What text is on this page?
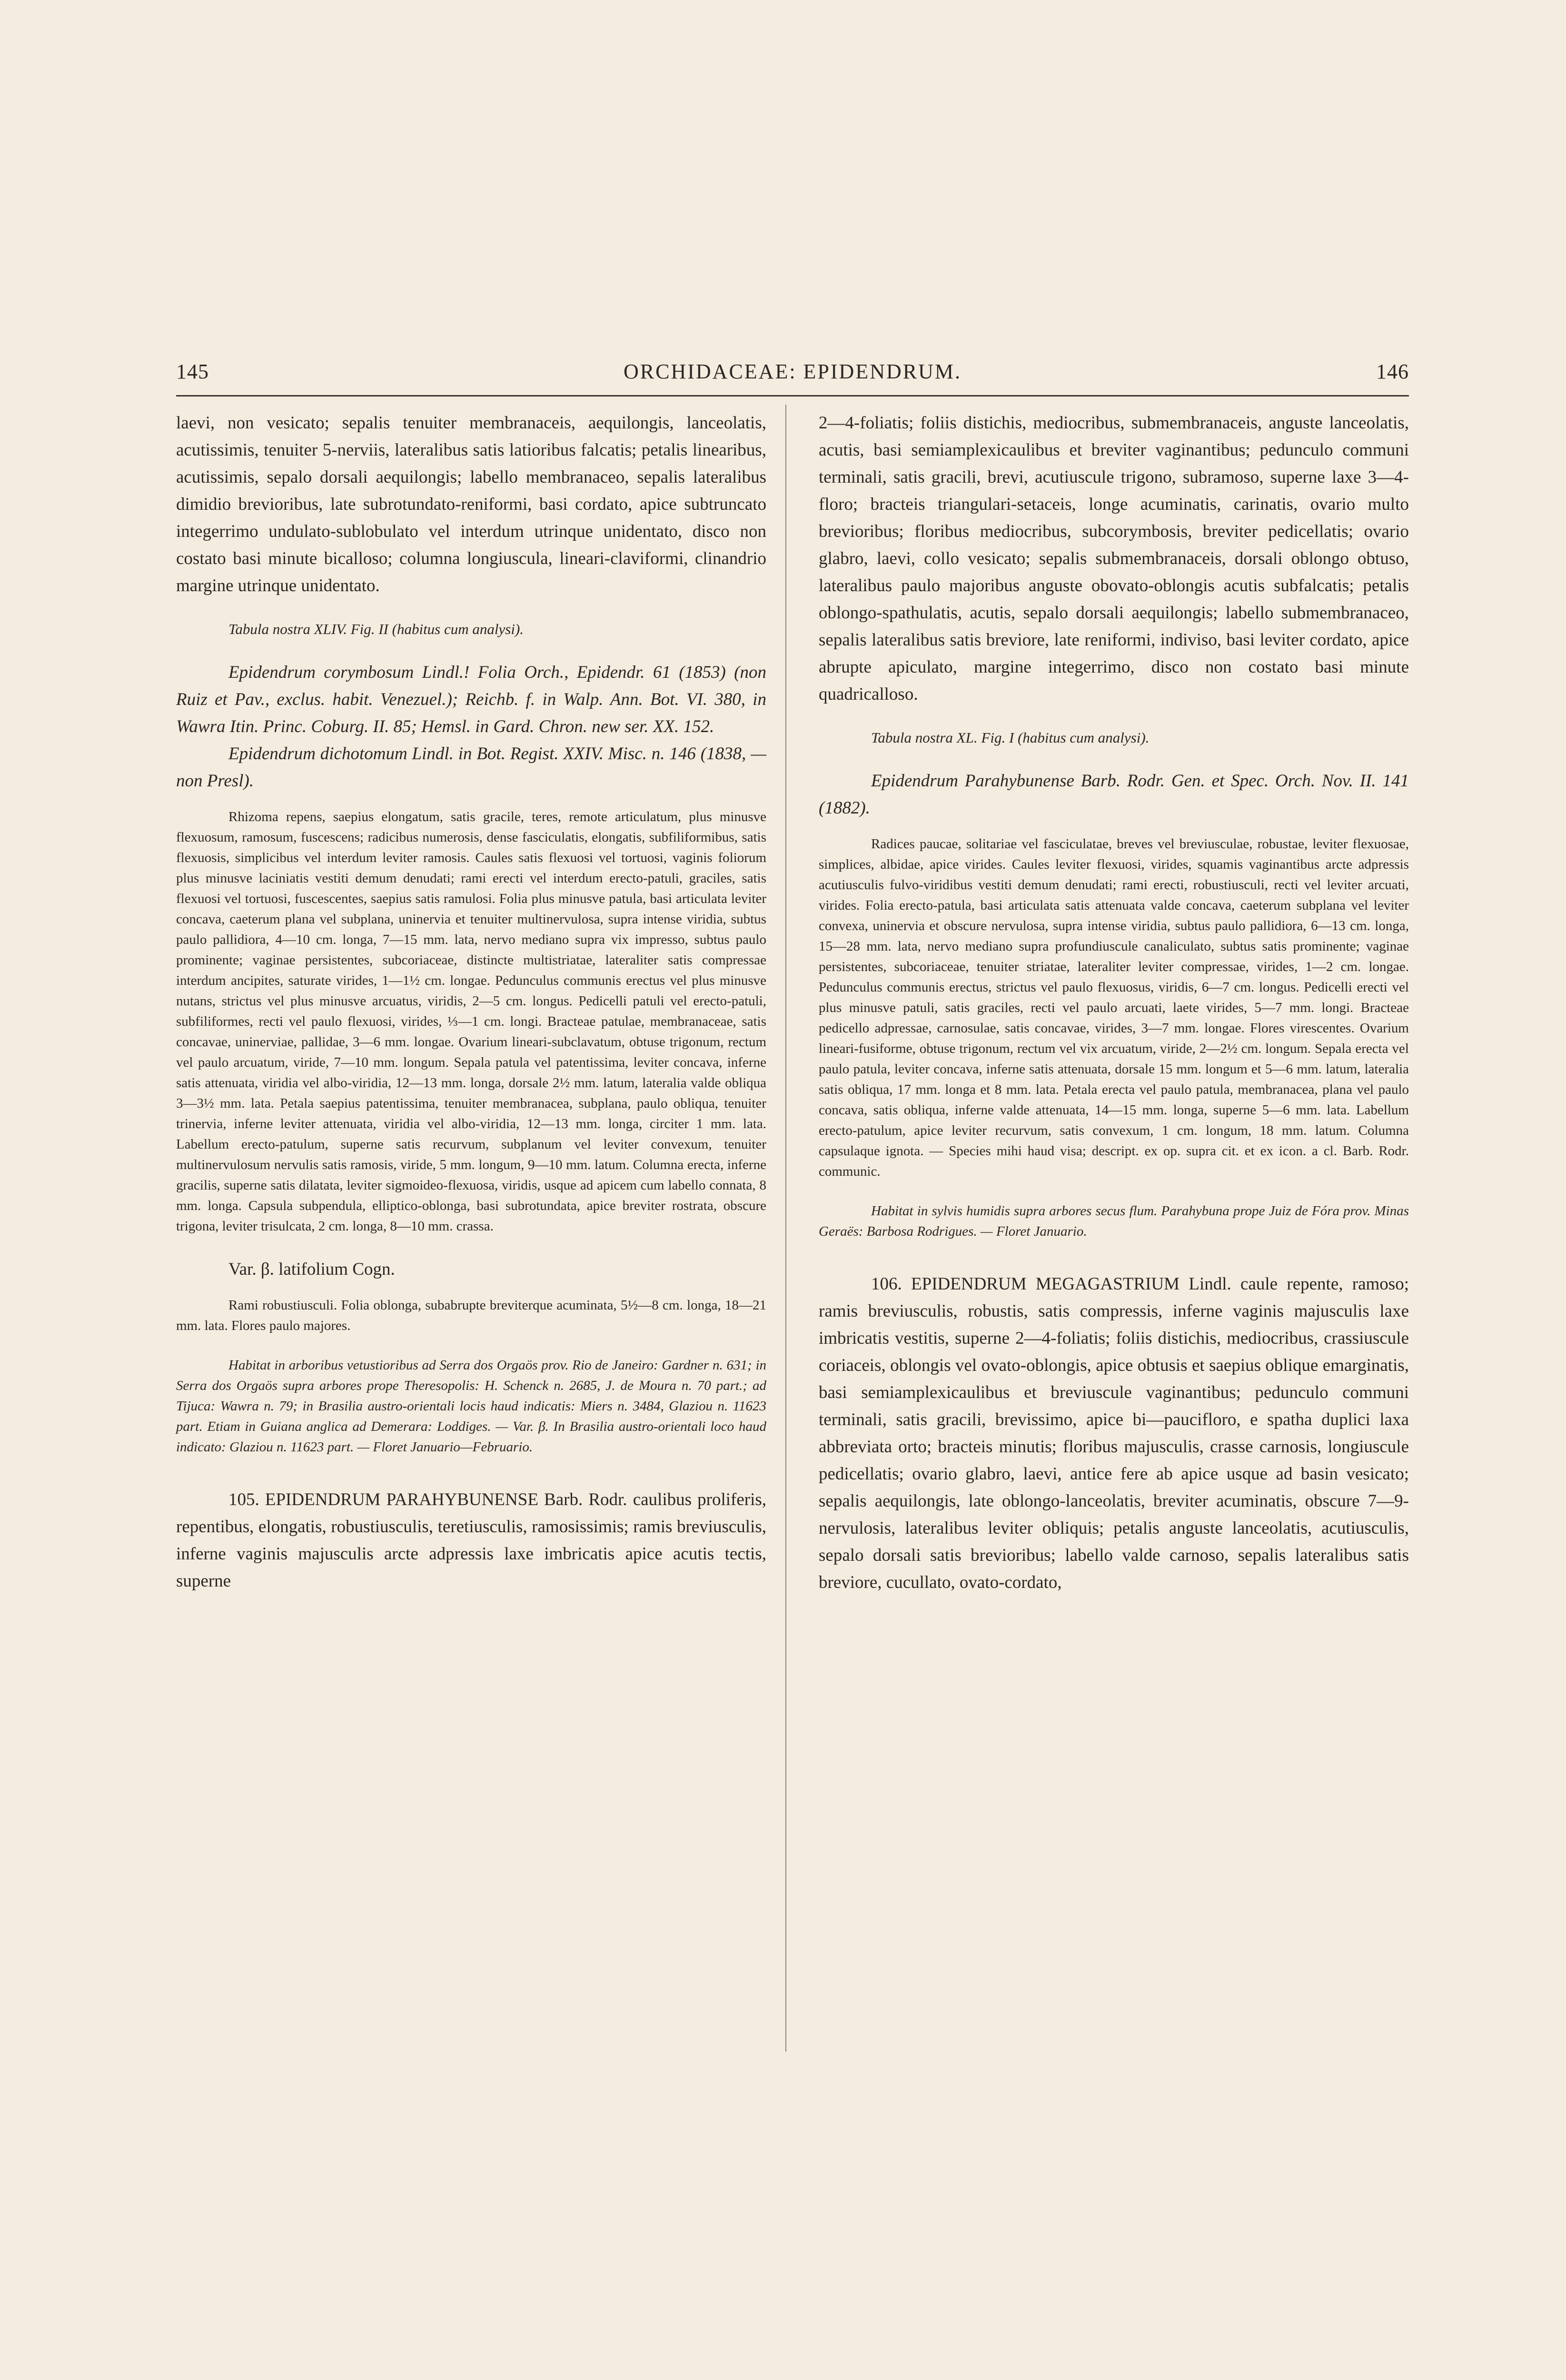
145	ORCHIDACEAE: EPIDENDRUM.	146

laevi, non vesicato; sepalis tenuiter membranaceis, aequilongis, lanceolatis, acutissimis, tenuiter 5-nerviis, lateralibus satis latioribus falcatis; petalis linearibus, acutissimis, sepalo dorsali aequilongis; labello membranaceo, sepalis lateralibus dimidio brevioribus, late subrotundato-reniformi, basi cordato, apice subtruncato integerrimo undulato-sublobulato vel interdum utrinque unidentato, disco non costato basi minute bicalloso; columna longiuscula, lineari-claviformi, clinandrio margine utrinque unidentato.

Tabula nostra XLIV. Fig. II (habitus cum analysi).

Epidendrum corymbosum Lindl.! Folia Orch., Epidendr. 61 (1853) (non Ruiz et Pav., exclus. habit. Venezuel.); Reichb. f. in Walp. Ann. Bot. VI. 380, in Wawra Itin. Princ. Coburg. II. 85; Hemsl. in Gard. Chron. new ser. XX. 152.

Epidendrum dichotomum Lindl. in Bot. Regist. XXIV. Misc. n. 146 (1838, — non Presl).

Rhizoma repens, saepius elongatum, satis gracile, teres, remote articulatum, plus minusve flexuosum, ramosum, fuscescens; radicibus numerosis, dense fasciculatis, elongatis, subfiliformibus, satis flexuosis, simplicibus vel interdum leviter ramosis. Caules satis flexuosi vel tortuosi, vaginis foliorum plus minusve laciniatis vestiti demum denudati; rami erecti vel interdum erecto-patuli, graciles, satis flexuosi vel tortuosi, fuscescentes, saepius satis ramulosi. Folia plus minusve patula, basi articulata leviter concava, caeterum plana vel subplana, uninervia et tenuiter multinervulosa, supra intense viridia, subtus paulo pallidiora, 4—10 cm. longa, 7—15 mm. lata, nervo mediano supra vix impresso, subtus paulo prominente; vaginae persistentes, subcoriaceae, distincte multistriatae, lateraliter satis compressae interdum ancipites, saturate virides, 1—1½ cm. longae. Pedunculus communis erectus vel plus minusve nutans, strictus vel plus minusve arcuatus, viridis, 2—5 cm. longus. Pedicelli patuli vel erecto-patuli, subfiliformes, recti vel paulo flexuosi, virides, ⅓—1 cm. longi. Bracteae patulae, membranaceae, satis concavae, uninerviae, pallidae, 3—6 mm. longae. Ovarium lineari-subclavatum, obtuse trigonum, rectum vel paulo arcuatum, viride, 7—10 mm. longum. Sepala patula vel patentissima, leviter concava, inferne satis attenuata, viridia vel albo-viridia, 12—13 mm. longa, dorsale 2½ mm. latum, lateralia valde obliqua 3—3½ mm. lata. Petala saepius patentissima, tenuiter membranacea, subplana, paulo obliqua, tenuiter trinervia, inferne leviter attenuata, viridia vel albo-viridia, 12—13 mm. longa, circiter 1 mm. lata. Labellum erecto-patulum, superne satis recurvum, subplanum vel leviter convexum, tenuiter multinervulosum nervulis satis ramosis, viride, 5 mm. longum, 9—10 mm. latum. Columna erecta, inferne gracilis, superne satis dilatata, leviter sigmoideo-flexuosa, viridis, usque ad apicem cum labello connata, 8 mm. longa. Capsula subpendula, elliptico-oblonga, basi subrotundata, apice breviter rostrata, obscure trigona, leviter trisulcata, 2 cm. longa, 8—10 mm. crassa.

Var. β. latifolium Cogn.

Rami robustiusculi. Folia oblonga, subabrupte breviterque acuminata, 5½—8 cm. longa, 18—21 mm. lata. Flores paulo majores.

Habitat in arboribus vetustioribus ad Serra dos Orgaös prov. Rio de Janeiro: Gardner n. 631; in Serra dos Orgaös supra arbores prope Theresopolis: H. Schenck n. 2685, J. de Moura n. 70 part.; ad Tijuca: Wawra n. 79; in Brasilia austro-orientali locis haud indicatis: Miers n. 3484, Glaziou n. 11623 part. Etiam in Guiana anglica ad Demerara: Loddiges. — Var. β. In Brasilia austro-orientali loco haud indicato: Glaziou n. 11623 part. — Floret Januario—Februario.

105. EPIDENDRUM PARAHYBUNENSE Barb. Rodr. caulibus proliferis, repentibus, elongatis, robustiusculis, teretiusculis, ramosissimis; ramis breviusculis, inferne vaginis majusculis arcte adpressis laxe imbricatis apice acutis tectis, superne

2—4-foliatis; foliis distichis, mediocribus, submembranaceis, anguste lanceolatis, acutis, basi semiamplexicaulibus et breviter vaginantibus; pedunculo communi terminali, satis gracili, brevi, acutiuscule trigono, subramoso, superne laxe 3—4-floro; bracteis triangulari-setaceis, longe acuminatis, carinatis, ovario multo brevioribus; floribus mediocribus, subcorymbosis, breviter pedicellatis; ovario glabro, laevi, collo vesicato; sepalis submembranaceis, dorsali oblongo obtuso, lateralibus paulo majoribus anguste obovato-oblongis acutis subfalcatis; petalis oblongo-spathulatis, acutis, sepalo dorsali aequilongis; labello submembranaceo, sepalis lateralibus satis breviore, late reniformi, indiviso, basi leviter cordato, apice abrupte apiculato, margine integerrimo, disco non costato basi minute quadricalloso.

Tabula nostra XL. Fig. I (habitus cum analysi).

Epidendrum Parahybunense Barb. Rodr. Gen. et Spec. Orch. Nov. II. 141 (1882).

Radices paucae, solitariae vel fasciculatae, breves vel breviusculae, robustae, leviter flexuosae, simplices, albidae, apice virides. Caules leviter flexuosi, virides, squamis vaginantibus arcte adpressis acutiusculis fulvo-viridibus vestiti demum denudati; rami erecti, robustiusculi, recti vel leviter arcuati, virides. Folia erecto-patula, basi articulata satis attenuata valde concava, caeterum subplana vel leviter convexa, uninervia et obscure nervulosa, supra intense viridia, subtus paulo pallidiora, 6—13 cm. longa, 15—28 mm. lata, nervo mediano supra profundiuscule canaliculato, subtus satis prominente; vaginae persistentes, subcoriaceae, tenuiter striatae, lateraliter leviter compressae, virides, 1—2 cm. longae. Pedunculus communis erectus, strictus vel paulo flexuosus, viridis, 6—7 cm. longus. Pedicelli erecti vel plus minusve patuli, satis graciles, recti vel paulo arcuati, laete virides, 5—7 mm. longi. Bracteae pedicello adpressae, carnosulae, satis concavae, virides, 3—7 mm. longae. Flores virescentes. Ovarium lineari-fusiforme, obtuse trigonum, rectum vel vix arcuatum, viride, 2—2½ cm. longum. Sepala erecta vel paulo patula, leviter concava, inferne satis attenuata, dorsale 15 mm. longum et 5—6 mm. latum, lateralia satis obliqua, 17 mm. longa et 8 mm. lata. Petala erecta vel paulo patula, membranacea, plana vel paulo concava, satis obliqua, inferne valde attenuata, 14—15 mm. longa, superne 5—6 mm. lata. Labellum erecto-patulum, apice leviter recurvum, satis convexum, 1 cm. longum, 18 mm. latum. Columna capsulaque ignota. — Species mihi haud visa; descript. ex op. supra cit. et ex icon. a cl. Barb. Rodr. communic.

Habitat in sylvis humidis supra arbores secus flum. Parahybuna prope Juiz de Fóra prov. Minas Geraës: Barbosa Rodrigues. — Floret Januario.

106. EPIDENDRUM MEGAGASTRIUM Lindl. caule repente, ramoso; ramis breviusculis, robustis, satis compressis, inferne vaginis majusculis laxe imbricatis vestitis, superne 2—4-foliatis; foliis distichis, mediocribus, crassiuscule coriaceis, oblongis vel ovato-oblongis, apice obtusis et saepius oblique emarginatis, basi semiamplexicaulibus et breviuscule vaginantibus; pedunculo communi terminali, satis gracili, brevissimo, apice bi—paucifloro, e spatha duplici laxa abbreviata orto; bracteis minutis; floribus majusculis, crasse carnosis, longiuscule pedicellatis; ovario glabro, laevi, antice fere ab apice usque ad basin vesicato; sepalis aequilongis, late oblongo-lanceolatis, breviter acuminatis, obscure 7—9-nervulosis, lateralibus leviter obliquis; petalis anguste lanceolatis, acutiusculis, sepalo dorsali satis brevioribus; labello valde carnoso, sepalis lateralibus satis breviore, cucullato, ovato-cordato,
